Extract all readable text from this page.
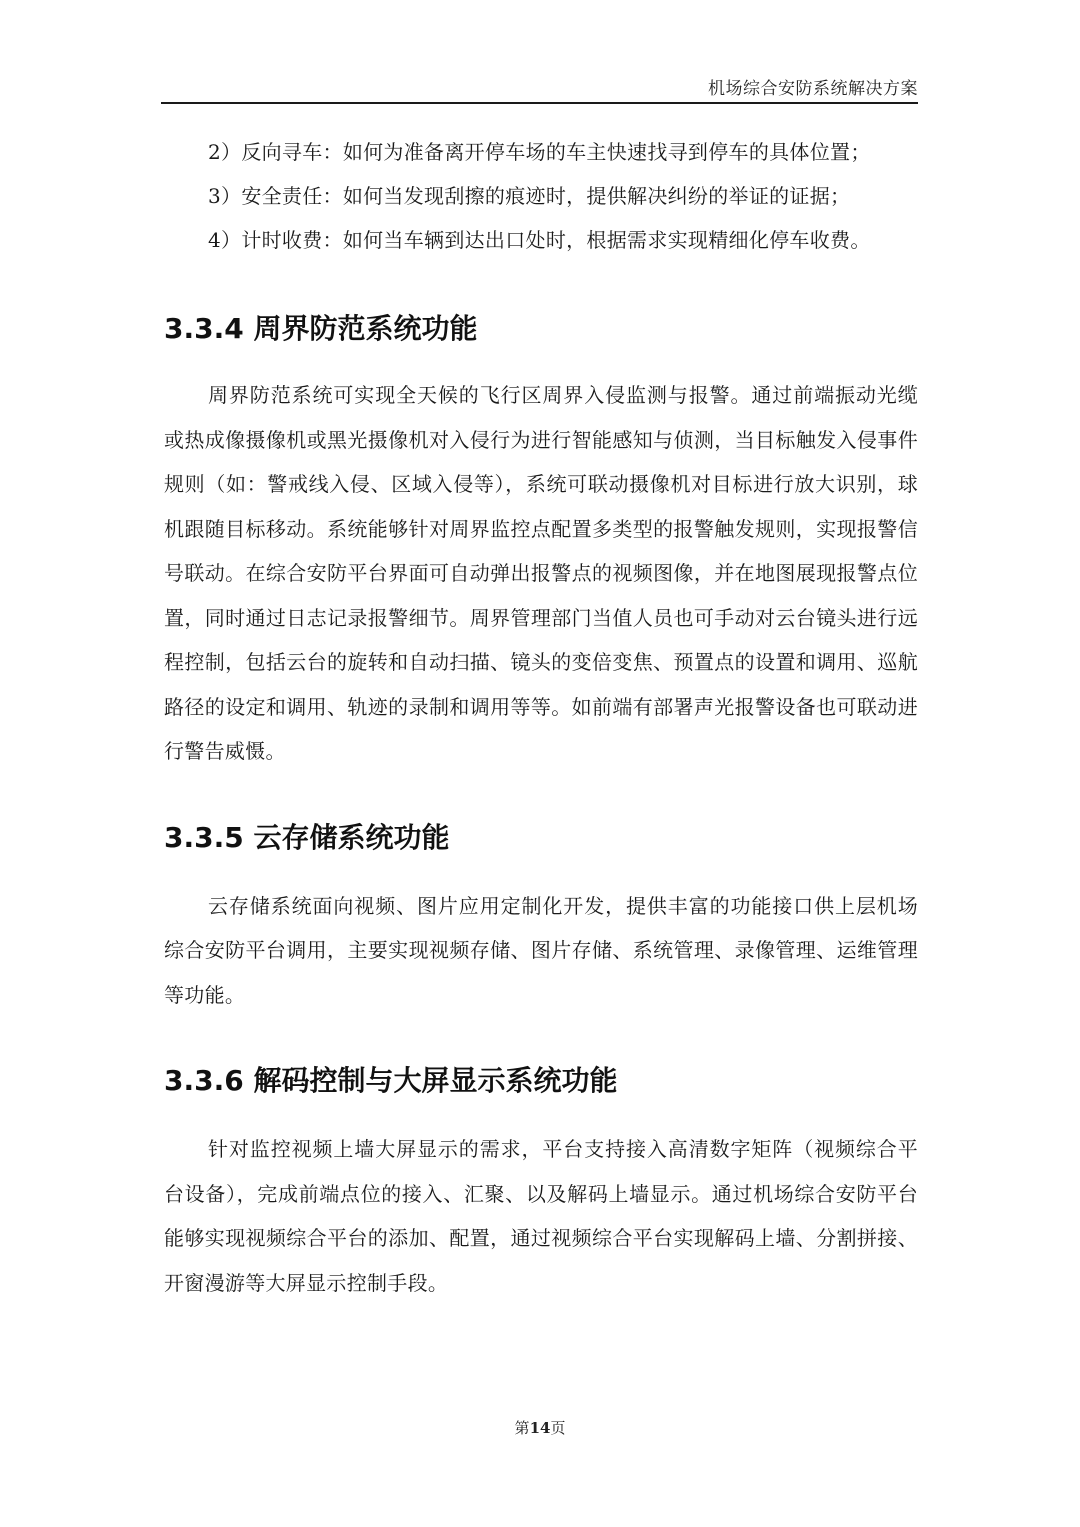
机场综合安防系统解决方案
2）反向寻车：如何为准备离开停车场的车主快速找寻到停车的具体位置；
3）安全责任：如何当发现刮擦的痕迹时，提供解决纠纷的举证的证据；
4）计时收费：如何当车辆到达出口处时，根据需求实现精细化停车收费。
3.3.4 周界防范系统功能

周界防范系统可实现全天候的飞行区周界入侵监测与报警。通过前端振动光缆或热成像摄像机或黑光摄像机对入侵行为进行智能感知与侦测，当目标触发入侵事件规则（如：警戒线入侵、区域入侵等），系统可联动摄像机对目标进行放大识别，球机跟随目标移动。系统能够针对周界监控点配置多类型的报警触发规则，实现报警信号联动。在综合安防平台界面可自动弹出报警点的视频图像，并在地图展现报警点位置，同时通过日志记录报警细节。周界管理部门当值人员也可手动对云台镜头进行远程控制，包括云台的旋转和自动扫描、镜头的变倍变焦、预置点的设置和调用、巡航路径的设定和调用、轨迹的录制和调用等等。如前端有部署声光报警设备也可联动进行警告威慑。

3.3.5 云存储系统功能

云存储系统面向视频、图片应用定制化开发，提供丰富的功能接口供上层机场综合安防平台调用，主要实现视频存储、图片存储、系统管理、录像管理、运维管理等功能。

3.3.6 解码控制与大屏显示系统功能

针对监控视频上墙大屏显示的需求，平台支持接入高清数字矩阵（视频综合平台设备），完成前端点位的接入、汇聚、以及解码上墙显示。通过机场综合安防平台能够实现视频综合平台的添加、配置，通过视频综合平台实现解码上墙、分割拼接、开窗漫游等大屏显示控制手段。

第14页
